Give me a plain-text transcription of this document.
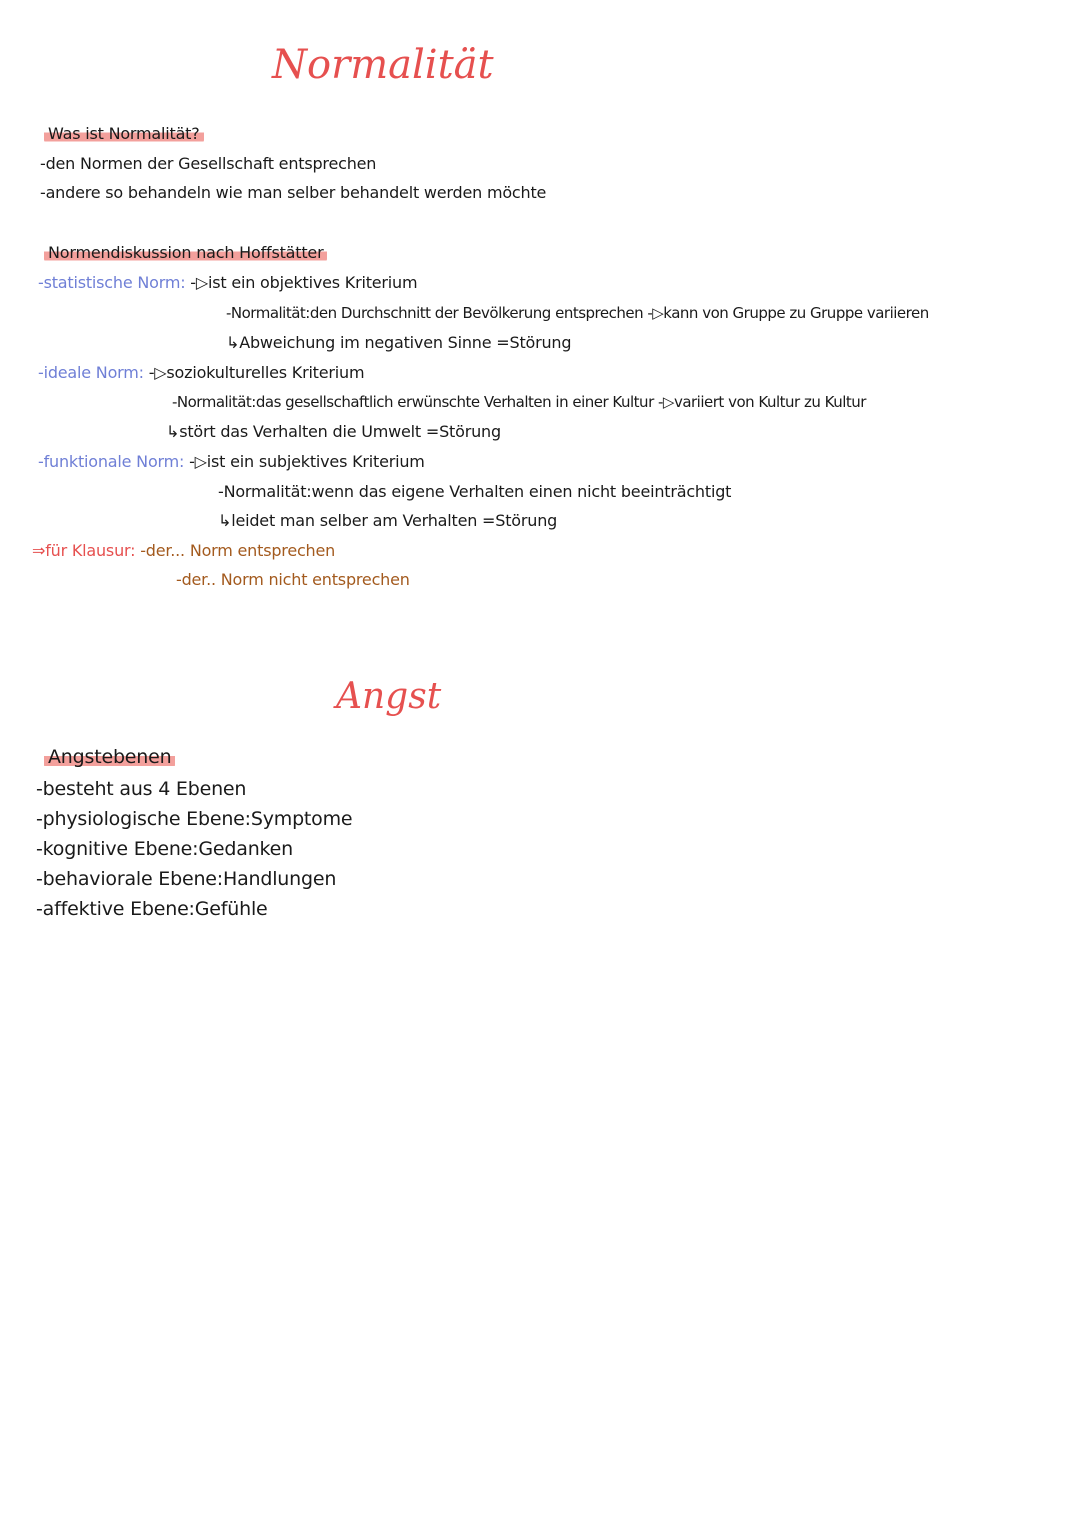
Normalität
Was ist Normalität?
-den Normen der Gesellschaft entsprechen
-andere so behandeln wie man selber behandelt werden möchte
Normendiskussion nach Hoffstätter
-statistische Norm: -▷ist ein objektives Kriterium
-Normalität:den Durchschnitt der Bevölkerung entsprechen -▷kann von Gruppe zu Gruppe variieren
↳Abweichung im negativen Sinne =Störung
-ideale Norm: -▷soziokulturelles Kriterium
-Normalität:das gesellschaftlich erwünschte Verhalten in einer Kultur -▷variiert von Kultur zu Kultur
↳stört das Verhalten die Umwelt =Störung
-funktionale Norm: -▷ist ein subjektives Kriterium
-Normalität:wenn das eigene Verhalten einen nicht beeinträchtigt
↳leidet man selber am Verhalten =Störung
⇒für Klausur: -der... Norm entsprechen
-der.. Norm nicht entsprechen
Angst
Angstebenen
-besteht aus 4 Ebenen
-physiologische Ebene:Symptome
-kognitive Ebene:Gedanken
-behaviorale Ebene:Handlungen
-affektive Ebene:Gefühle
